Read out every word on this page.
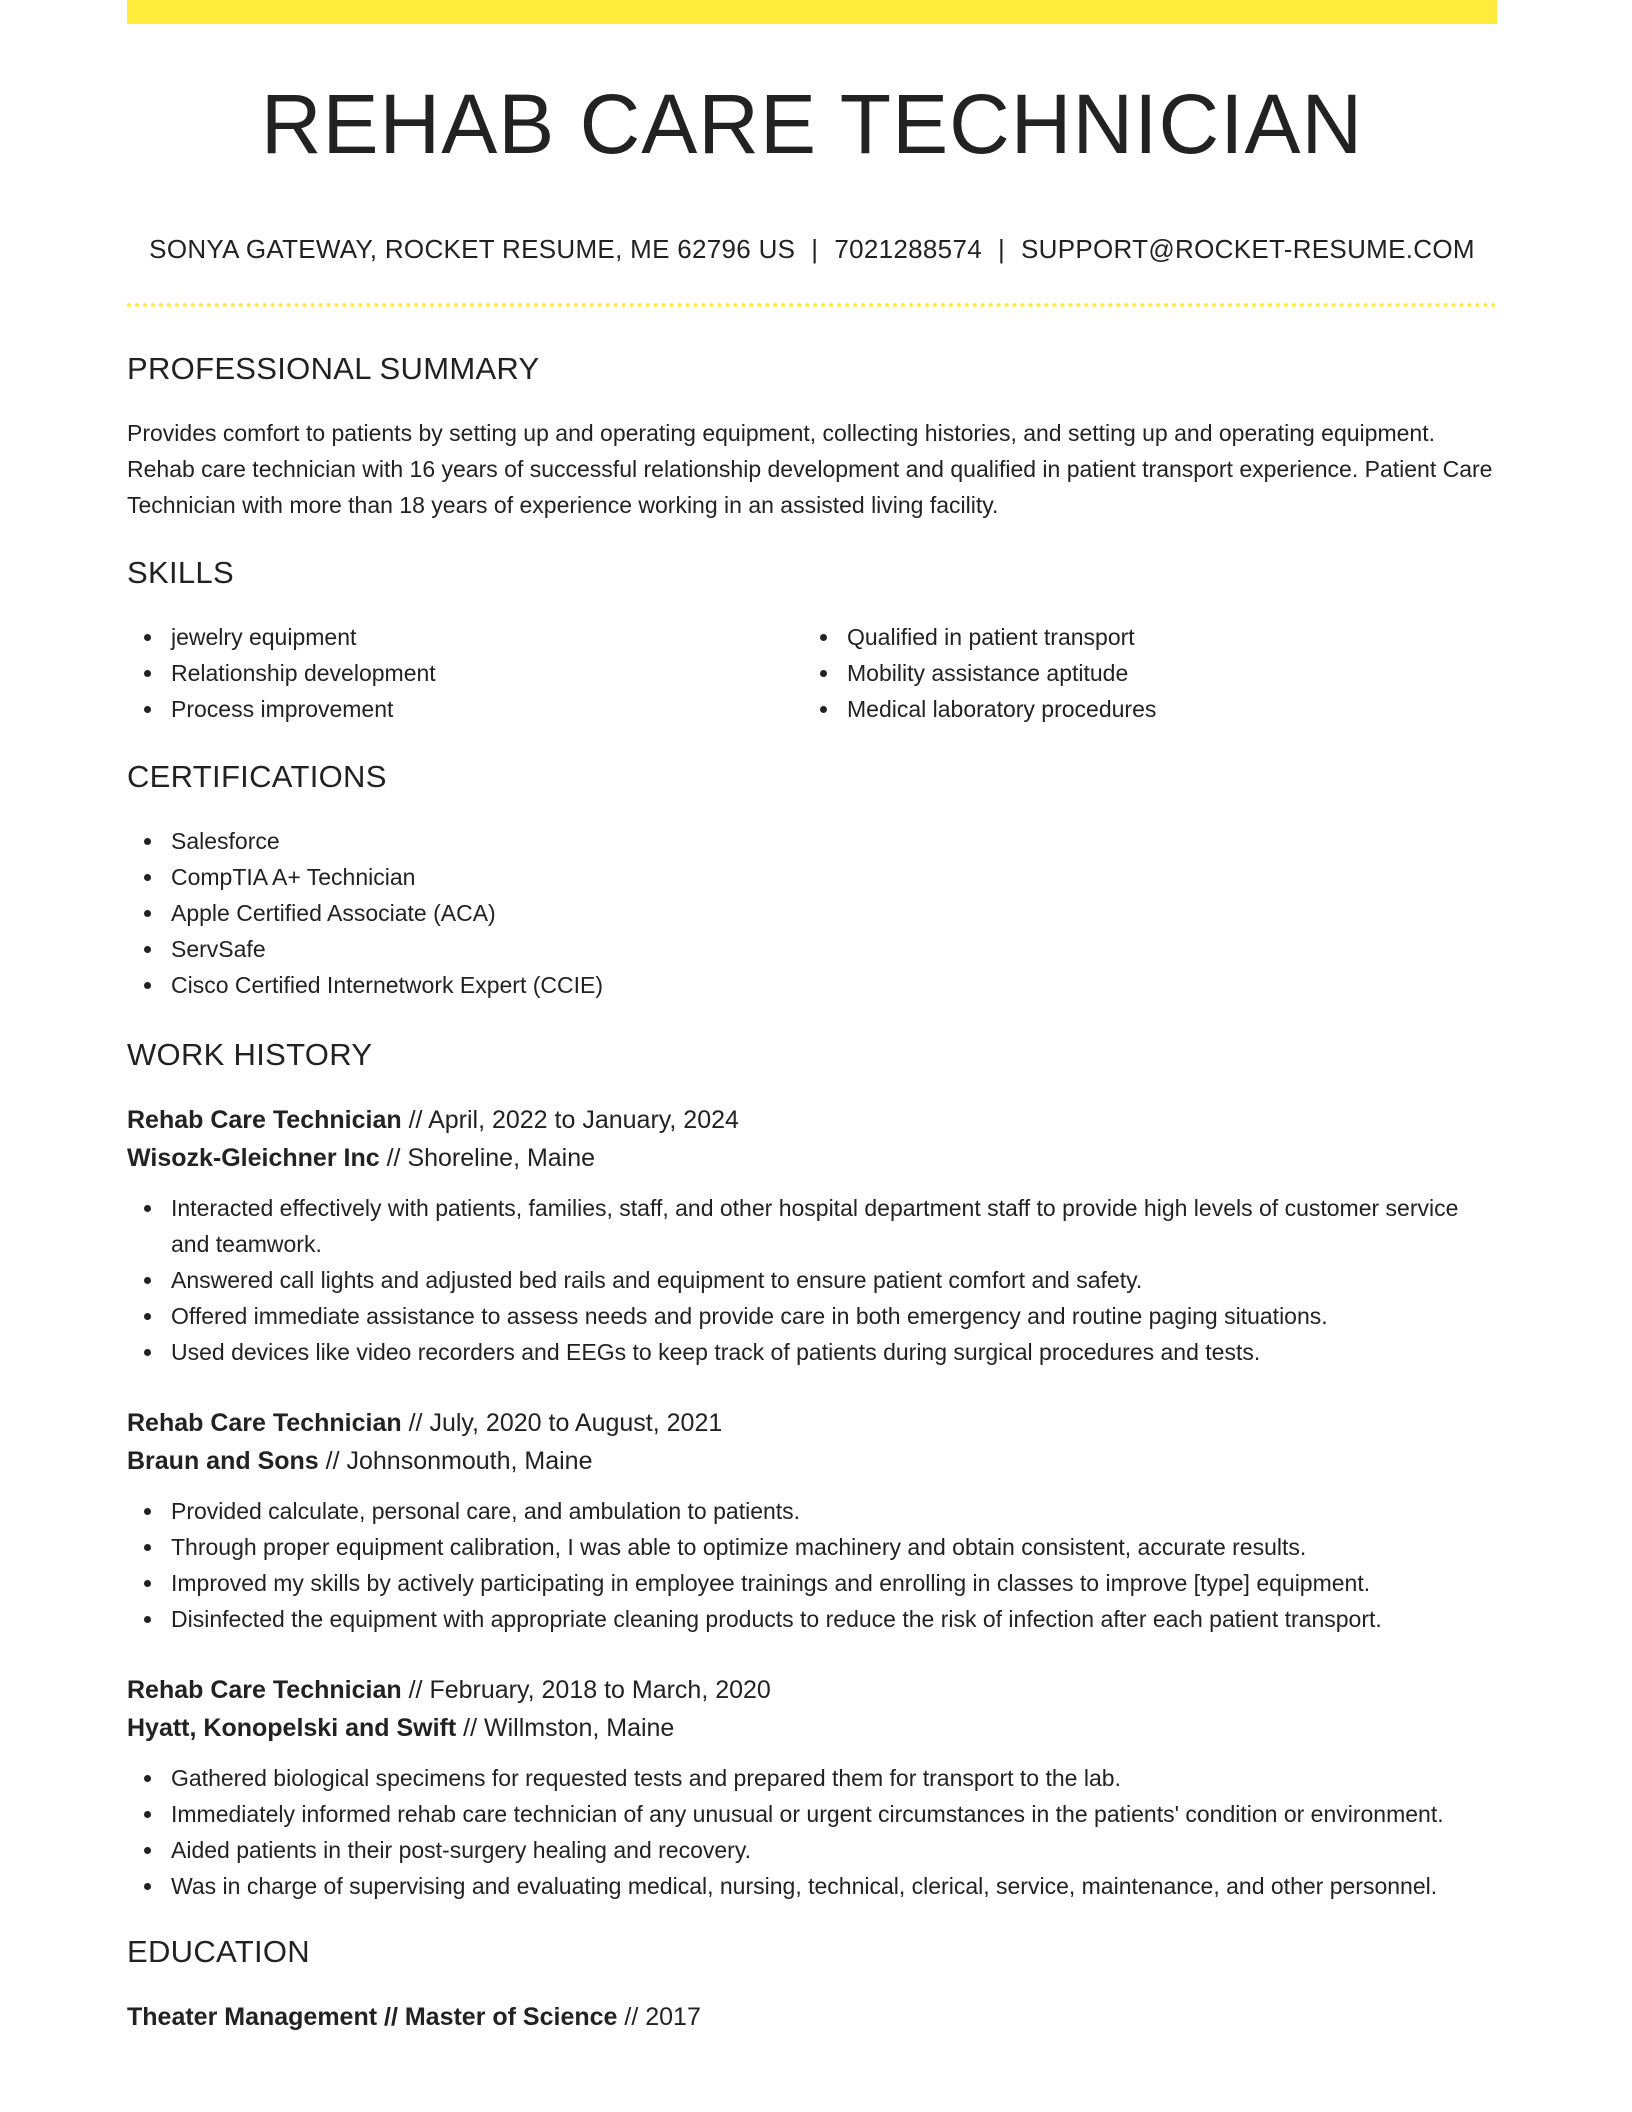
REHAB CARE TECHNICIAN
SONYA GATEWAY, ROCKET RESUME, ME 62796 US | 7021288574 | SUPPORT@ROCKET-RESUME.COM
PROFESSIONAL SUMMARY

Provides comfort to patients by setting up and operating equipment, collecting histories, and setting up and operating equipment. Rehab care technician with 16 years of successful relationship development and qualified in patient transport experience. Patient Care Technician with more than 18 years of experience working in an assisted living facility.

SKILLS
jewelry equipment
Relationship development
Process improvement
Qualified in patient transport
Mobility assistance aptitude
Medical laboratory procedures
CERTIFICATIONS
Salesforce
CompTIA A+ Technician
Apple Certified Associate (ACA)
ServSafe
Cisco Certified Internetwork Expert (CCIE)
WORK HISTORY
Rehab Care Technician // April, 2022 to January, 2024
Wisozk-Gleichner Inc // Shoreline, Maine
Interacted effectively with patients, families, staff, and other hospital department staff to provide high levels of customer service and teamwork.
Answered call lights and adjusted bed rails and equipment to ensure patient comfort and safety.
Offered immediate assistance to assess needs and provide care in both emergency and routine paging situations.
Used devices like video recorders and EEGs to keep track of patients during surgical procedures and tests.
Rehab Care Technician // July, 2020 to August, 2021
Braun and Sons // Johnsonmouth, Maine
Provided calculate, personal care, and ambulation to patients.
Through proper equipment calibration, I was able to optimize machinery and obtain consistent, accurate results.
Improved my skills by actively participating in employee trainings and enrolling in classes to improve [type] equipment.
Disinfected the equipment with appropriate cleaning products to reduce the risk of infection after each patient transport.
Rehab Care Technician // February, 2018 to March, 2020
Hyatt, Konopelski and Swift // Willmston, Maine
Gathered biological specimens for requested tests and prepared them for transport to the lab.
Immediately informed rehab care technician of any unusual or urgent circumstances in the patients' condition or environment.
Aided patients in their post-surgery healing and recovery.
Was in charge of supervising and evaluating medical, nursing, technical, clerical, service, maintenance, and other personnel.
EDUCATION
Theater Management // Master of Science // 2017
